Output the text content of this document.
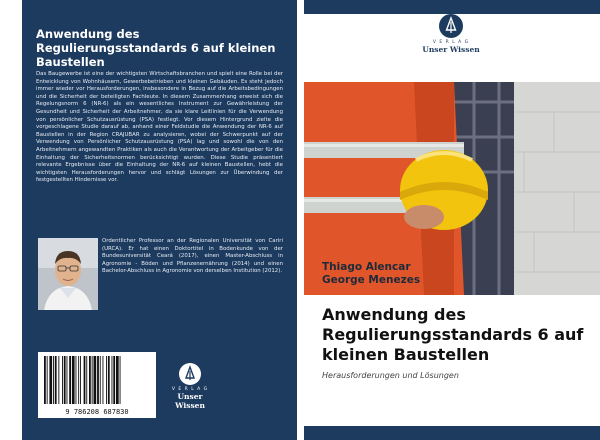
Anwendung des Regulierungsstandards 6 auf kleinen Baustellen
Das Baugewerbe ist eine der wichtigsten Wirtschaftsbranchen und spielt eine Rolle bei der Entwicklung von Wohnhäusern, Gewerbebetrieben und kleinen Gebäuden. Es steht jedoch immer wieder vor Herausforderungen, insbesondere in Bezug auf die Arbeitsbedingungen und die Sicherheit der beteiligten Fachleute. In diesem Zusammenhang erweist sich die Regelungsnorm 6 (NR-6) als ein wesentliches Instrument zur Gewährleistung der Gesundheit und Sicherheit der Arbeitnehmer, da sie klare Leitlinien für die Verwendung von persönlicher Schutzausrüstung (PSA) festlegt. Vor diesem Hintergrund zielte die vorgeschlagene Studie darauf ab, anhand einer Feldstudie die Anwendung der NR-6 auf Baustellen in der Region CRAJUBAR zu analysieren, wobei der Schwerpunkt auf der Verwendung von Persönlicher Schutzausrüstung (PSA) lag und sowohl die von den Arbeitnehmern angewandten Praktiken als auch die Verantwortung der Arbeitgeber für die Einhaltung der Sicherheitsnormen berücksichtigt wurden. Diese Studie präsentiert relevante Ergebnisse über die Einhaltung der NR-6 auf kleinen Baustellen, hebt die wichtigsten Herausforderungen hervor und schlägt Lösungen zur Überwindung der festgestellten Hindernisse vor.
Ordentlicher Professor an der Regionalen Universität von Cariri (URCA). Er hat einen Doktortitel in Bodenkunde von der Bundesuniversität Ceará (2017), einen Master-Abschluss in Agronomie - Böden und Pflanzenernährung (2014) und einen Bachelor-Abschluss in Agronomie von derselben Institution (2012).
9 786208 687830
V E R L A G
Unser Wissen
V E R L A G
Unser Wissen
Thiago Alencar
George Menezes
Anwendung des Regulierungsstandards 6 auf kleinen Baustellen
Herausforderungen und Lösungen
